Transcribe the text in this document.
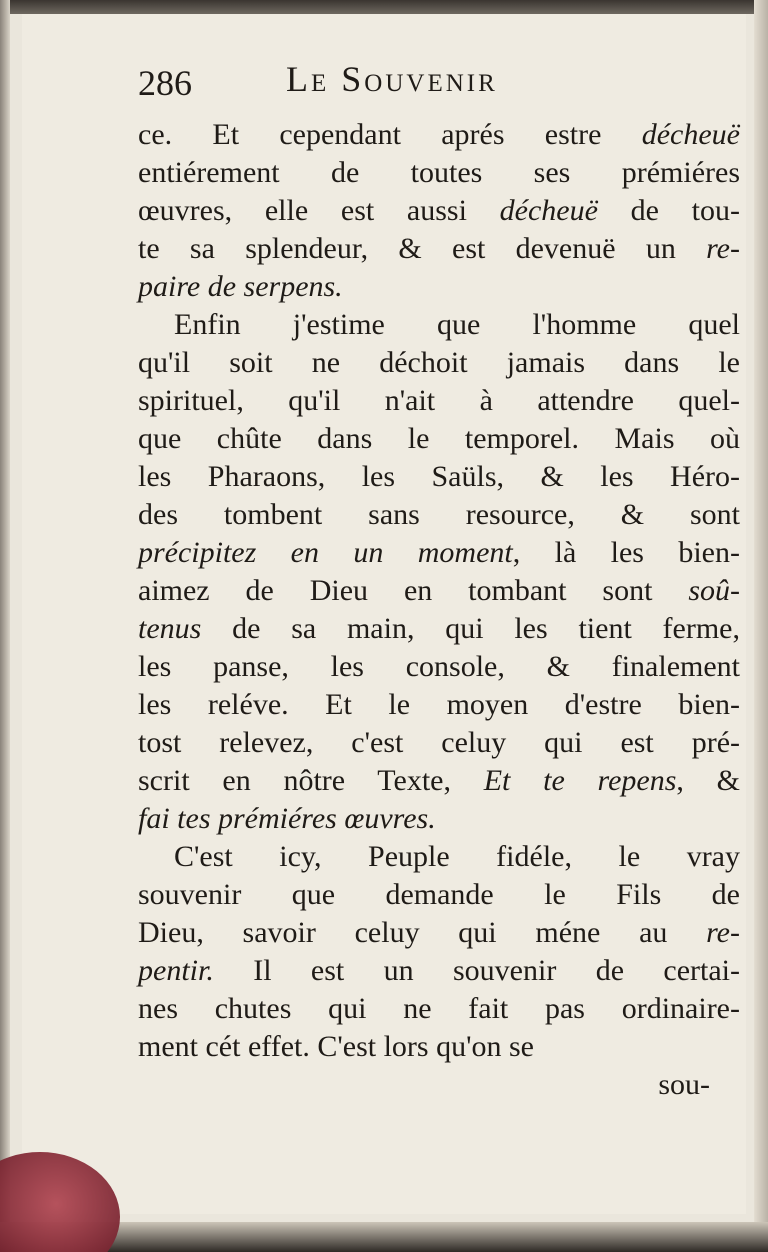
286	Le Souvenir
ce. Et cependant aprés estre décheuë
entiérement de toutes ses prémiéres
œuvres, elle est aussi décheuë de tou-
te sa splendeur, & est devenuë un re-
paire de serpens.
Enfin j'estime que l'homme quel
qu'il soit ne déchoit jamais dans le
spirituel, qu'il n'ait à attendre quel-
que chûte dans le temporel. Mais où
les Pharaons, les Saüls, & les Héro-
des tombent sans resource, & sont
précipitez en un moment, là les bien-
aimez de Dieu en tombant sont soû-
tenus de sa main, qui les tient ferme,
les panse, les console, & finalement
les reléve. Et le moyen d'estre bien-
tost relevez, c'est celuy qui est pré-
scrit en nôtre Texte, Et te repens, &
fai tes prémiéres œuvres.
C'est icy, Peuple fidéle, le vray
souvenir que demande le Fils de
Dieu, savoir celuy qui méne au re-
pentir. Il est un souvenir de certai-
nes chutes qui ne fait pas ordinaire-
ment cét effet. C'est lors qu'on se
sou-
